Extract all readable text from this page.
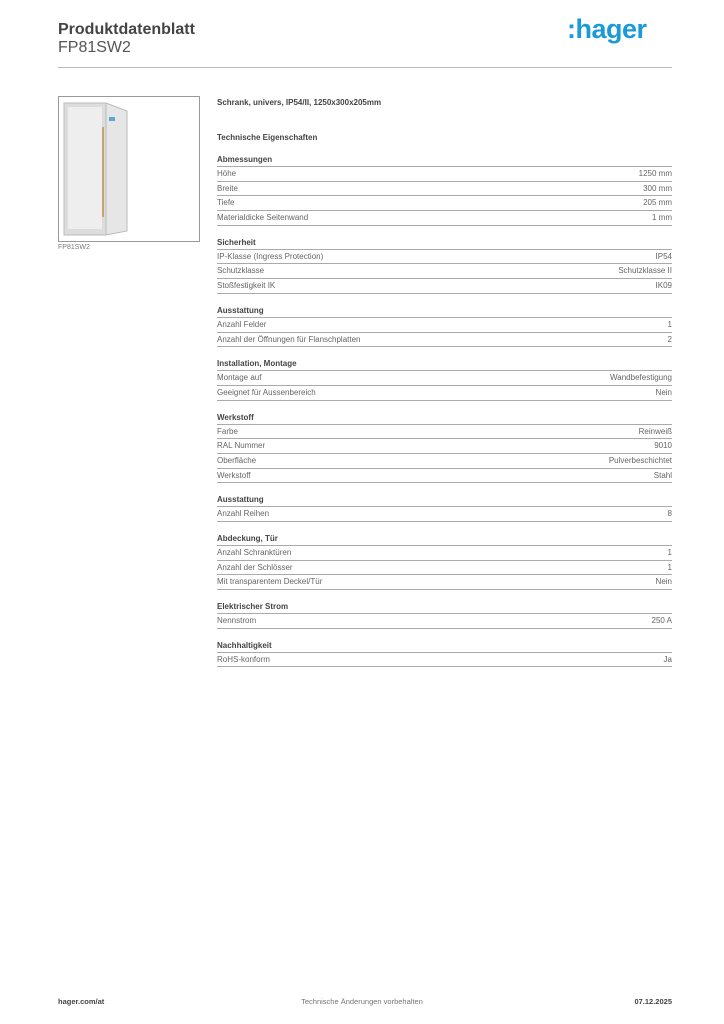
Produktdatenblatt
FP81SW2
:hager
FP81SW2
Schrank, univers, IP54/II, 1250x300x205mm
Technische Eigenschaften
Abmessungen
Höhe	1250 mm
Breite	300 mm
Tiefe	205 mm
Materialdicke Seitenwand	1 mm
Sicherheit
IP-Klasse (Ingress Protection)	IP54
Schutzklasse	Schutzklasse II
Stoßfestigkeit IK	IK09
Ausstattung
Anzahl Felder	1
Anzahl der Öffnungen für Flanschplatten	2
Installation, Montage
Montage auf	Wandbefestigung
Geeignet für Aussenbereich	Nein
Werkstoff
Farbe	Reinweiß
RAL Nummer	9010
Oberfläche	Pulverbeschichtet
Werkstoff	Stahl
Ausstattung
Anzahl Reihen	8
Abdeckung, Tür
Anzahl Schranktüren	1
Anzahl der Schlösser	1
Mit transparentem Deckel/Tür	Nein
Elektrischer Strom
Nennstrom	250 A
Nachhaltigkeit
RoHS-konform	Ja
hager.com/at	Technische Änderungen vorbehalten	07.12.2025
